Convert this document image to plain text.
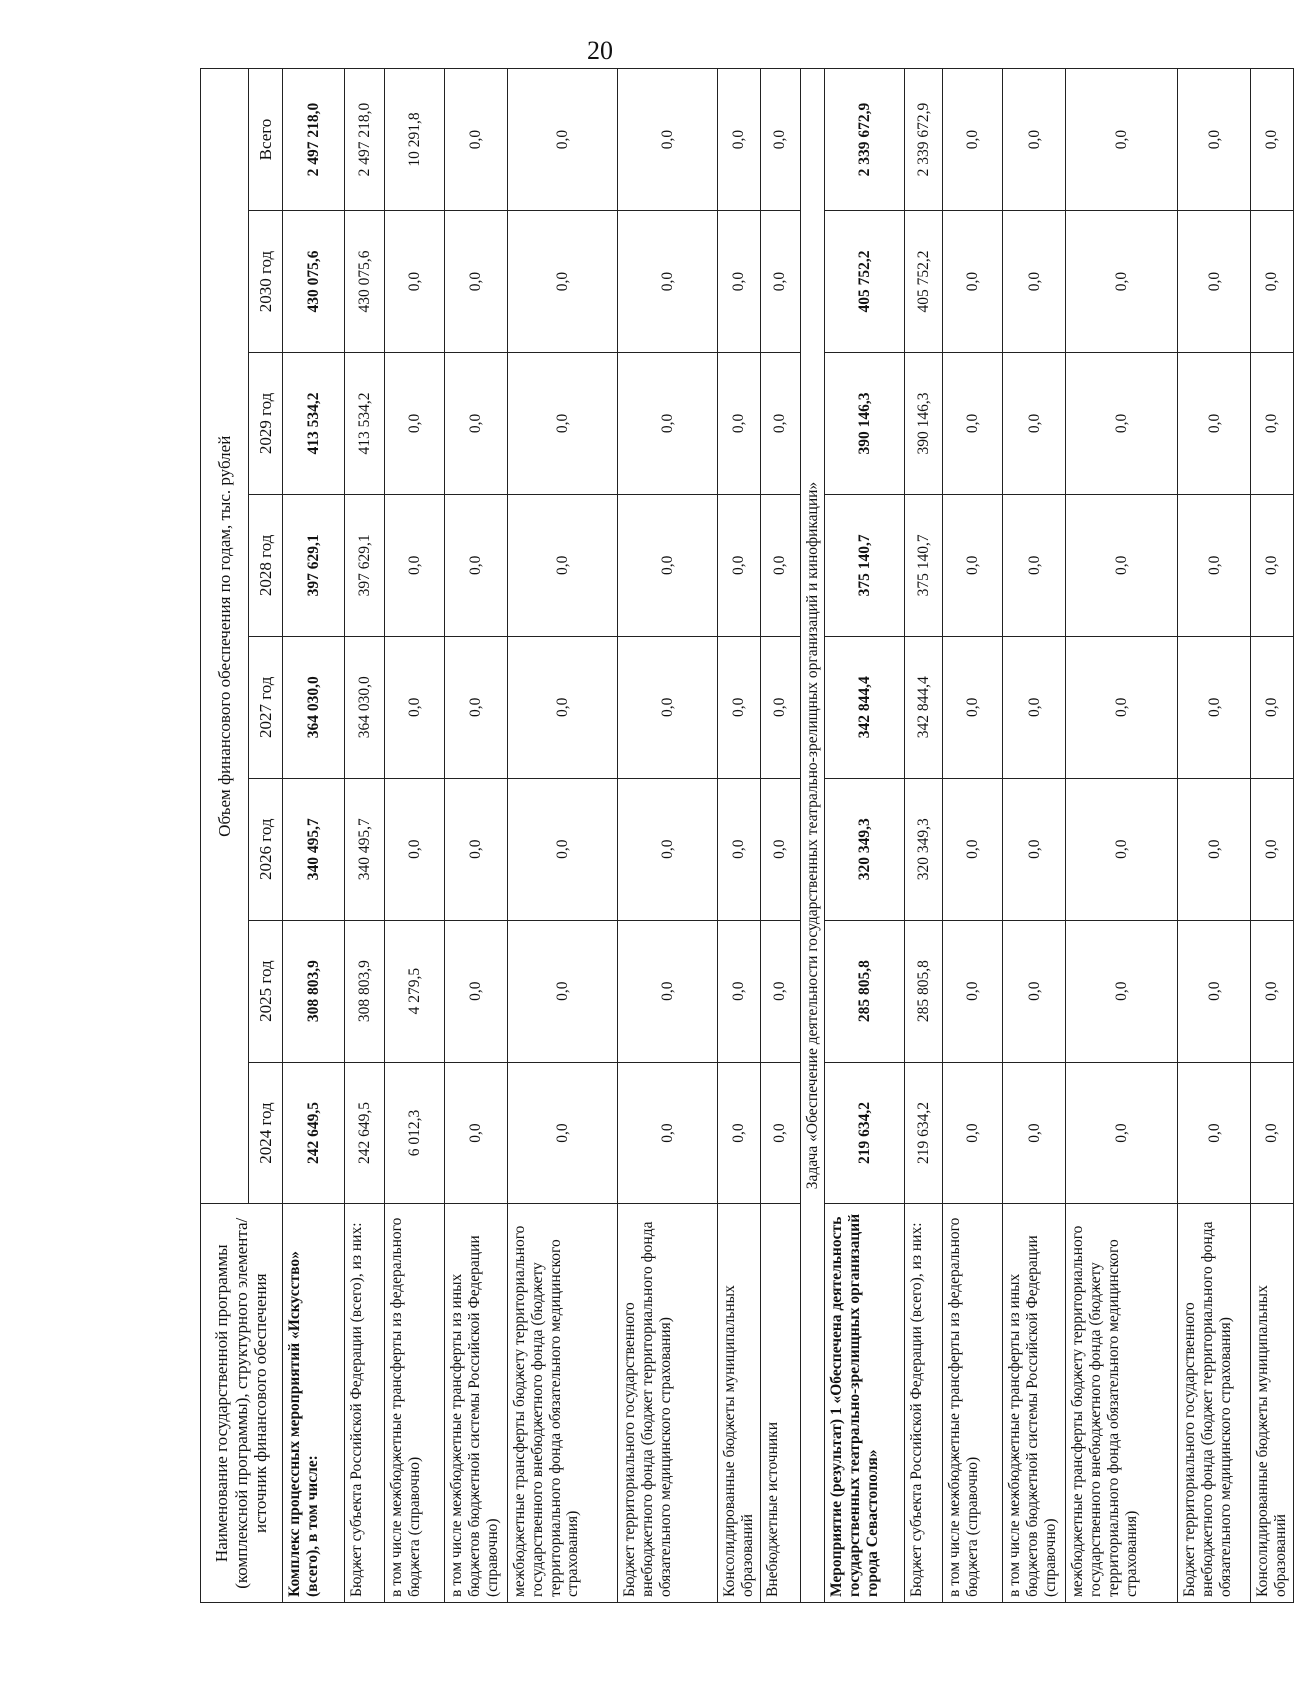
20
Наименование государственной программы (комплексной программы), структурного элемента/источник финансового обеспечения	Объем финансового обеспечения по годам, тыс. рублей							
	2024 год	2025 год	2026 год	2027 год	2028 год	2029 год	2030 год	Всего
Комплекс процессных мероприятий «Искусство» (всего), в том числе:	242 649,5	308 803,9	340 495,7	364 030,0	397 629,1	413 534,2	430 075,6	2 497 218,0
Бюджет субъекта Российской Федерации (всего), из них:	242 649,5	308 803,9	340 495,7	364 030,0	397 629,1	413 534,2	430 075,6	2 497 218,0
в том числе межбюджетные трансферты из федерального бюджета (справочно)	6 012,3	4 279,5	0,0	0,0	0,0	0,0	0,0	10 291,8
в том числе межбюджетные трансферты из иных бюджетов бюджетной системы Российской Федерации (справочно)	0,0	0,0	0,0	0,0	0,0	0,0	0,0	0,0
межбюджетные трансферты бюджету территориального государственного внебюджетного фонда (бюджету территориального фонда обязательного медицинского страхования)	0,0	0,0	0,0	0,0	0,0	0,0	0,0	0,0
Бюджет территориального государственного внебюджетного фонда (бюджет территориального фонда обязательного медицинского страхования)	0,0	0,0	0,0	0,0	0,0	0,0	0,0	0,0
Консолидированные бюджеты муниципальных образований	0,0	0,0	0,0	0,0	0,0	0,0	0,0	0,0
Внебюджетные источники	0,0	0,0	0,0	0,0	0,0	0,0	0,0	0,0
Задача «Обеспечение деятельности государственных театрально-зрелищных организаций и кинофикации»								
Мероприятие (результат) 1 «Обеспечена деятельность государственных театрально-зрелищных организаций города Севастополя»	219 634,2	285 805,8	320 349,3	342 844,4	375 140,7	390 146,3	405 752,2	2 339 672,9
Бюджет субъекта Российской Федерации (всего), из них:	219 634,2	285 805,8	320 349,3	342 844,4	375 140,7	390 146,3	405 752,2	2 339 672,9
в том числе межбюджетные трансферты из федерального бюджета (справочно)	0,0	0,0	0,0	0,0	0,0	0,0	0,0	0,0
в том числе межбюджетные трансферты из иных бюджетов бюджетной системы Российской Федерации (справочно)	0,0	0,0	0,0	0,0	0,0	0,0	0,0	0,0
межбюджетные трансферты бюджету территориального государственного внебюджетного фонда (бюджету территориального фонда обязательного медицинского страхования)	0,0	0,0	0,0	0,0	0,0	0,0	0,0	0,0
Бюджет территориального государственного внебюджетного фонда (бюджет территориального фонда обязательного медицинского страхования)	0,0	0,0	0,0	0,0	0,0	0,0	0,0	0,0
Консолидированные бюджеты муниципальных образований	0,0	0,0	0,0	0,0	0,0	0,0	0,0	0,0
